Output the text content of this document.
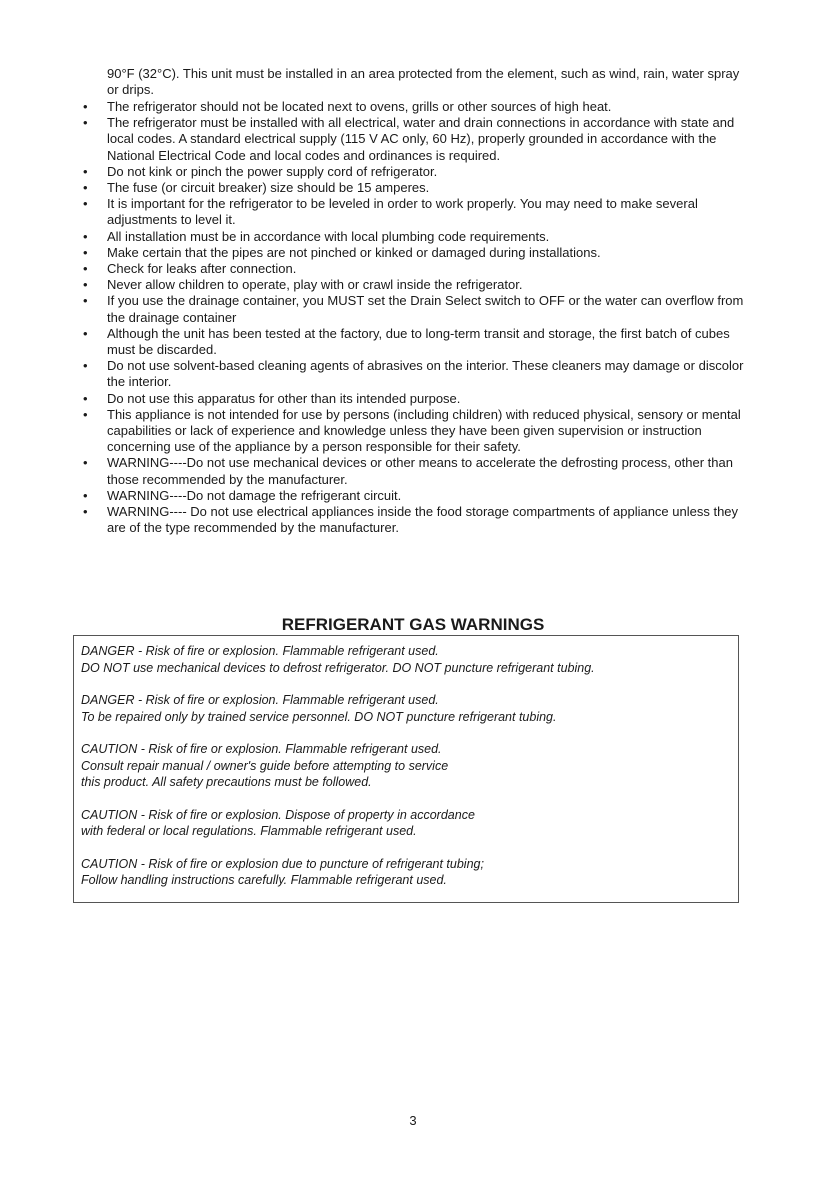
90°F (32°C). This unit must be installed in an area protected from the element, such as wind, rain, water spray or drips.

• The refrigerator should not be located next to ovens, grills or other sources of high heat.
• The refrigerator must be installed with all electrical, water and drain connections in accordance with state and local codes. A standard electrical supply (115 V AC only, 60 Hz), properly grounded in accordance with the National Electrical Code and local codes and ordinances is required.
• Do not kink or pinch the power supply cord of refrigerator.
• The fuse (or circuit breaker) size should be 15 amperes.
• It is important for the refrigerator to be leveled in order to work properly. You may need to make several adjustments to level it.
• All installation must be in accordance with local plumbing code requirements.
• Make certain that the pipes are not pinched or kinked or damaged during installations.
• Check for leaks after connection.
• Never allow children to operate, play with or crawl inside the refrigerator.
• If you use the drainage container, you MUST set the Drain Select switch to OFF or the water can overflow from the drainage container
• Although the unit has been tested at the factory, due to long-term transit and storage, the first batch of cubes must be discarded.
• Do not use solvent-based cleaning agents of abrasives on the interior. These cleaners may damage or discolor the interior.
• Do not use this apparatus for other than its intended purpose.
• This appliance is not intended for use by persons (including children) with reduced physical, sensory or mental capabilities or lack of experience and knowledge unless they have been given supervision or instruction concerning use of the appliance by a person responsible for their safety.
• WARNING----Do not use mechanical devices or other means to accelerate the defrosting process, other than those recommended by the manufacturer.
• WARNING----Do not damage the refrigerant circuit.
• WARNING---- Do not use electrical appliances inside the food storage compartments of appliance unless they are of the type recommended by the manufacturer.
REFRIGERANT GAS WARNINGS
DANGER - Risk of fire or explosion. Flammable refrigerant used.
DO NOT use mechanical devices to defrost refrigerator. DO NOT puncture refrigerant tubing.
DANGER - Risk of fire or explosion. Flammable refrigerant used.
To be repaired only by trained service personnel. DO NOT puncture refrigerant tubing.
CAUTION - Risk of fire or explosion. Flammable refrigerant used.
Consult repair manual / owner's guide before attempting to service
this product. All safety precautions must be followed.
CAUTION - Risk of fire or explosion. Dispose of property in accordance
with federal or local regulations. Flammable refrigerant used.
CAUTION - Risk of fire or explosion due to puncture of refrigerant tubing;
Follow handling instructions carefully. Flammable refrigerant used.
3
